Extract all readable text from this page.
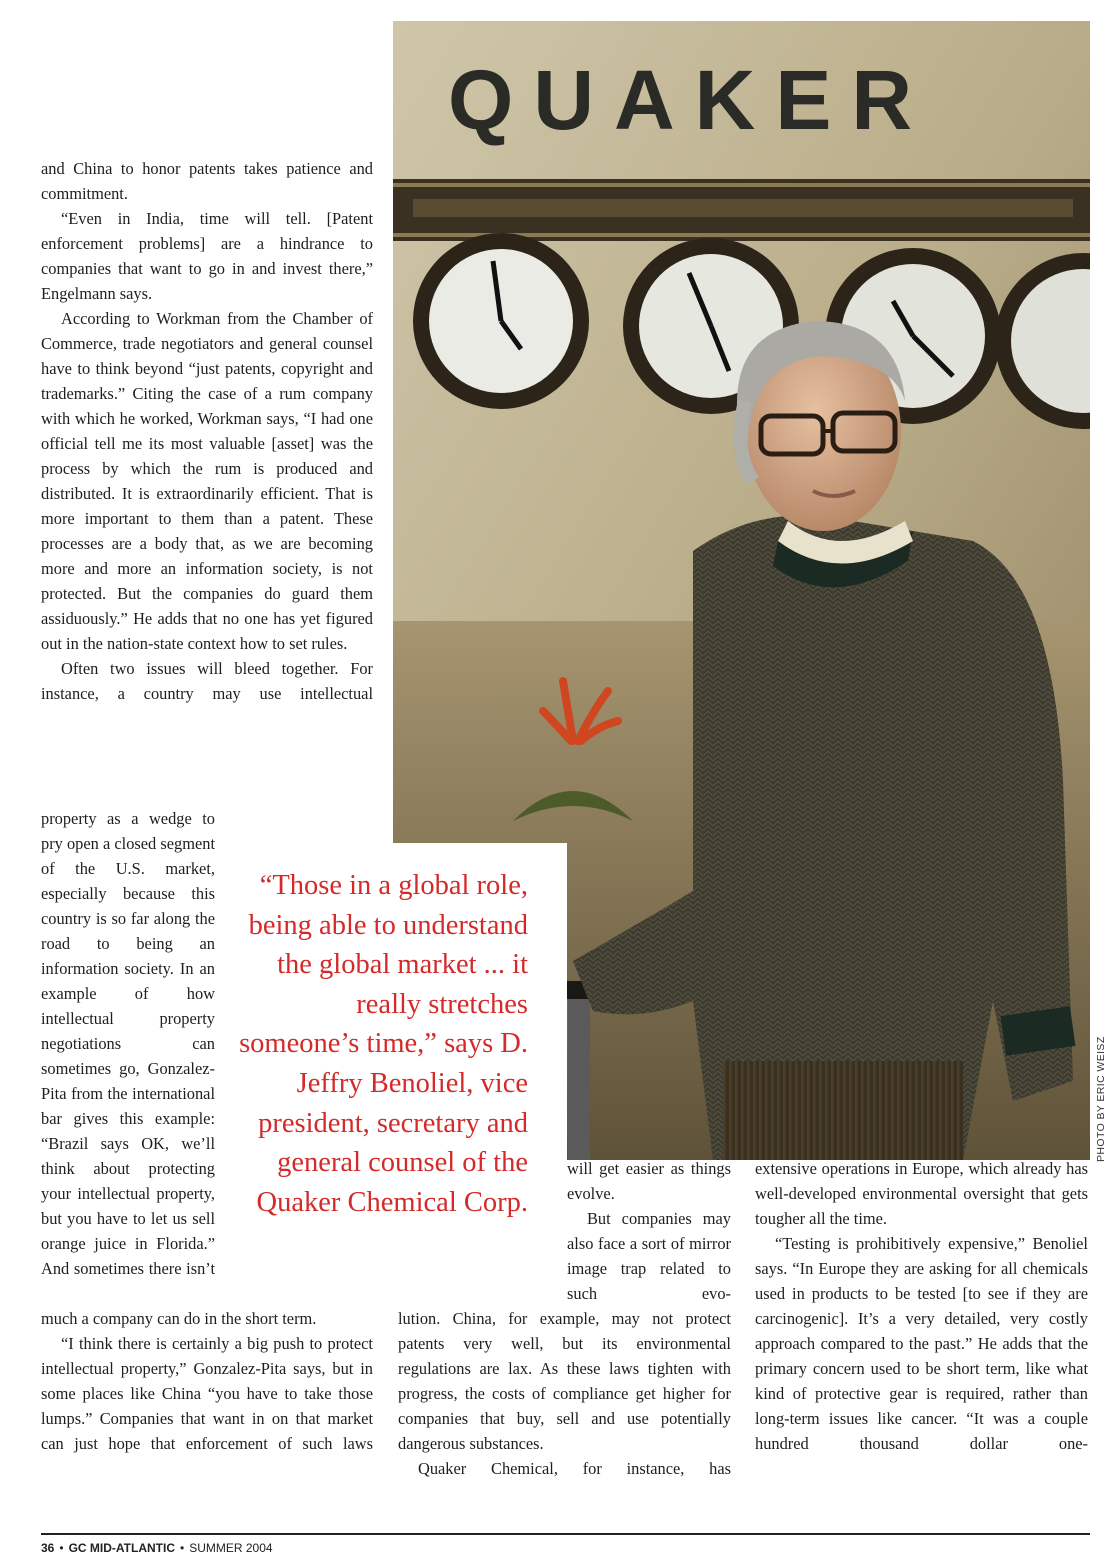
QUAKER
“Those in a global role, being able to understand the global market ... it really stretches someone’s time,” says D. Jeffry Benoliel, vice president, secretary and general counsel of the Quaker Chemical Corp.
PHOTO BY ERIC WEISZ

and China to honor patents takes patience and commitment.

“Even in India, time will tell. [Patent enforcement problems] are a hindrance to companies that want to go in and invest there,” Engelmann says.

According to Workman from the Chamber of Commerce, trade negotiators and general counsel have to think beyond “just patents, copyright and trademarks.” Citing the case of a rum company with which he worked, Workman says, “I had one official tell me its most valuable [asset] was the process by which the rum is produced and distributed. It is extraordinarily efficient. That is more important to them than a patent. These processes are a body that, as we are becoming more and more an information society, is not protected. But the companies do guard them assiduously.” He adds that no one has yet figured out in the nation-state context how to set rules.

Often two issues will bleed together. For instance, a country may use intellectual

property as a wedge to pry open a closed segment of the U.S. market, especially because this country is so far along the road to being an information society. In an example of how intellectual property negotiations can sometimes go, Gonzalez-Pita from the international bar gives this example: “Brazil says OK, we’ll think about protecting your intellectual property, but you have to let us sell orange juice in Florida.” And sometimes there isn’t

much a company can do in the short term.

“I think there is certainly a big push to protect intellectual property,” Gonzalez-Pita says, but in some places like China “you have to take those lumps.” Companies that want in on that market can just hope that enforcement of such laws

will get easier as things evolve.

But companies may also face a sort of mirror image trap related to such evo-

lution. China, for example, may not protect patents very well, but its environmental regulations are lax. As these laws tighten with progress, the costs of compliance get higher for companies that buy, sell and use potentially dangerous substances.

Quaker Chemical, for instance, has

extensive operations in Europe, which already has well-developed environmental oversight that gets tougher all the time.

“Testing is prohibitively expensive,” Benoliel says. “In Europe they are asking for all chemicals used in products to be tested [to see if they are carcinogenic]. It’s a very detailed, very costly approach compared to the past.” He adds that the primary concern used to be short term, like what kind of protective gear is required, rather than long-term issues like cancer. “It was a couple hundred thousand dollar one-

36 • GC MID-ATLANTIC • SUMMER 2004
